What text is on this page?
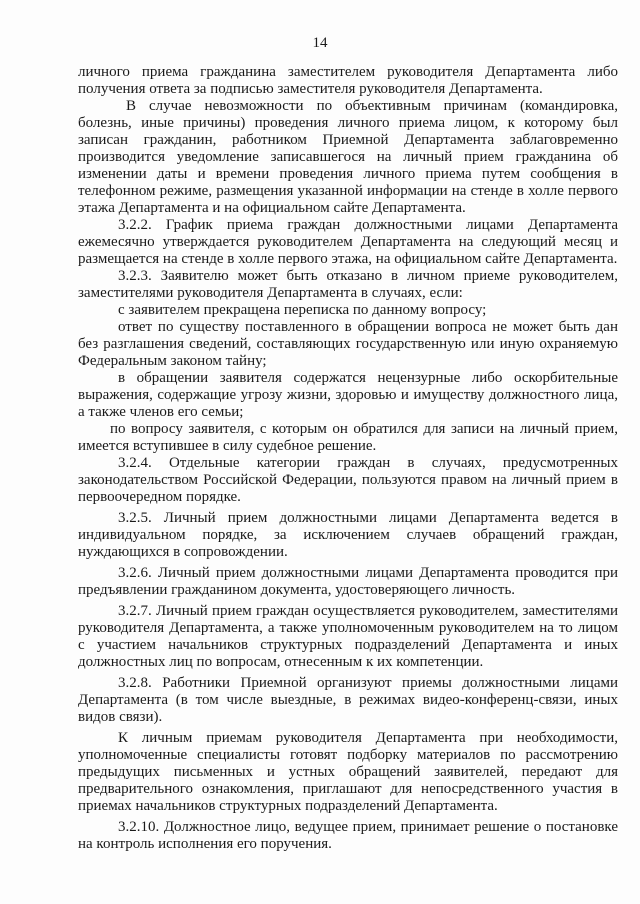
14

личного приема гражданина заместителем руководителя Департамента либо получения ответа за подписью заместителя руководителя Департамента.

В случае невозможности по объективным причинам (командировка, болезнь, иные причины) проведения личного приема лицом, к которому был записан гражданин, работником Приемной Департамента заблаговременно производится уведомление записавшегося на личный прием гражданина об изменении даты и времени проведения личного приема путем сообщения в телефонном режиме, размещения указанной информации на стенде в холле первого этажа Департамента и на официальном сайте Департамента.

3.2.2. График приема граждан должностными лицами Департамента ежемесячно утверждается руководителем Департамента на следующий месяц и размещается на стенде в холле первого этажа, на официальном сайте Департамента.

3.2.3. Заявителю может быть отказано в личном приеме руководителем, заместителями руководителя Департамента в случаях, если:

с заявителем прекращена переписка по данному вопросу;

ответ по существу поставленного в обращении вопроса не может быть дан без разглашения сведений, составляющих государственную или иную охраняемую Федеральным законом тайну;

в обращении заявителя содержатся нецензурные либо оскорбительные выражения, содержащие угрозу жизни, здоровью и имуществу должностного лица, а также членов его семьи;

по вопросу заявителя, с которым он обратился для записи на личный прием, имеется вступившее в силу судебное решение.

3.2.4. Отдельные категории граждан в случаях, предусмотренных законодательством Российской Федерации, пользуются правом на личный прием в первоочередном порядке.

3.2.5. Личный прием должностными лицами Департамента ведется в индивидуальном порядке, за исключением случаев обращений граждан, нуждающихся в сопровождении.

3.2.6. Личный прием должностными лицами Департамента проводится при предъявлении гражданином документа, удостоверяющего личность.

3.2.7. Личный прием граждан осуществляется руководителем, заместителями руководителя Департамента, а также уполномоченным руководителем на то лицом с участием начальников структурных подразделений Департамента и иных должностных лиц по вопросам, отнесенным к их компетенции.

3.2.8. Работники Приемной организуют приемы должностными лицами Департамента (в том числе выездные, в режимах видео-конференц-связи, иных видов связи).

К личным приемам руководителя Департамента при необходимости, уполномоченные специалисты готовят подборку материалов по рассмотрению предыдущих письменных и устных обращений заявителей, передают для предварительного ознакомления, приглашают для непосредственного участия в приемах начальников структурных подразделений Департамента.

3.2.10. Должностное лицо, ведущее прием, принимает решение о постановке на контроль исполнения его поручения.
